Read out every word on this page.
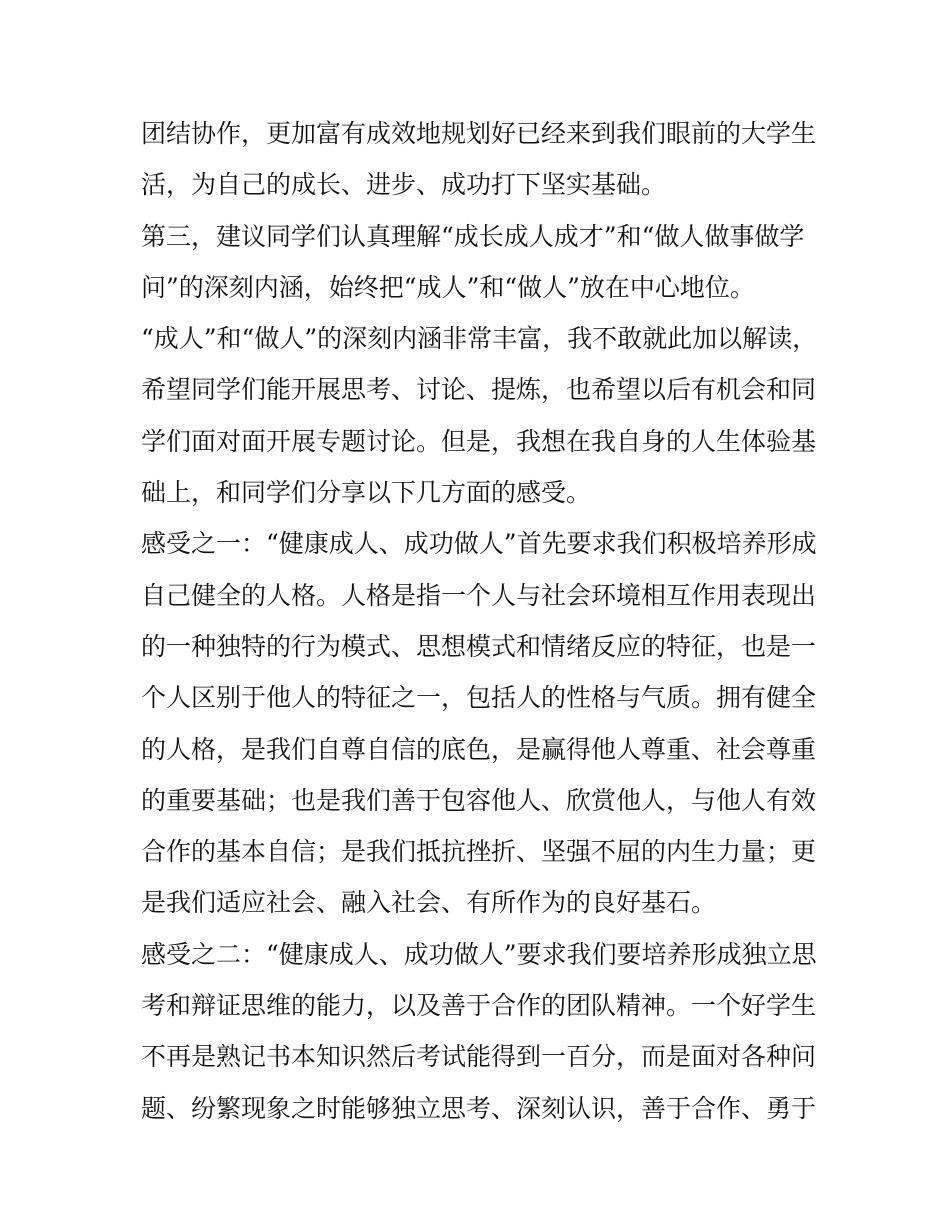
团结协作，更加富有成效地规划好已经来到我们眼前的大学生
活，为自己的成长、进步、成功打下坚实基础。
第三，建议同学们认真理解“成长成人成才”和“做人做事做学
问”的深刻内涵，始终把“成人”和“做人”放在中心地位。
“成人”和“做人”的深刻内涵非常丰富，我不敢就此加以解读，
希望同学们能开展思考、讨论、提炼，也希望以后有机会和同
学们面对面开展专题讨论。但是，我想在我自身的人生体验基
础上，和同学们分享以下几方面的感受。
感受之一：“健康成人、成功做人”首先要求我们积极培养形成
自己健全的人格。人格是指一个人与社会环境相互作用表现出
的一种独特的行为模式、思想模式和情绪反应的特征，也是一
个人区别于他人的特征之一，包括人的性格与气质。拥有健全
的人格，是我们自尊自信的底色，是赢得他人尊重、社会尊重
的重要基础；也是我们善于包容他人、欣赏他人，与他人有效
合作的基本自信；是我们抵抗挫折、坚强不屈的内生力量；更
是我们适应社会、融入社会、有所作为的良好基石。
感受之二：“健康成人、成功做人”要求我们要培养形成独立思
考和辩证思维的能力，以及善于合作的团队精神。一个好学生
不再是熟记书本知识然后考试能得到一百分，而是面对各种问
题、纷繁现象之时能够独立思考、深刻认识，善于合作、勇于
